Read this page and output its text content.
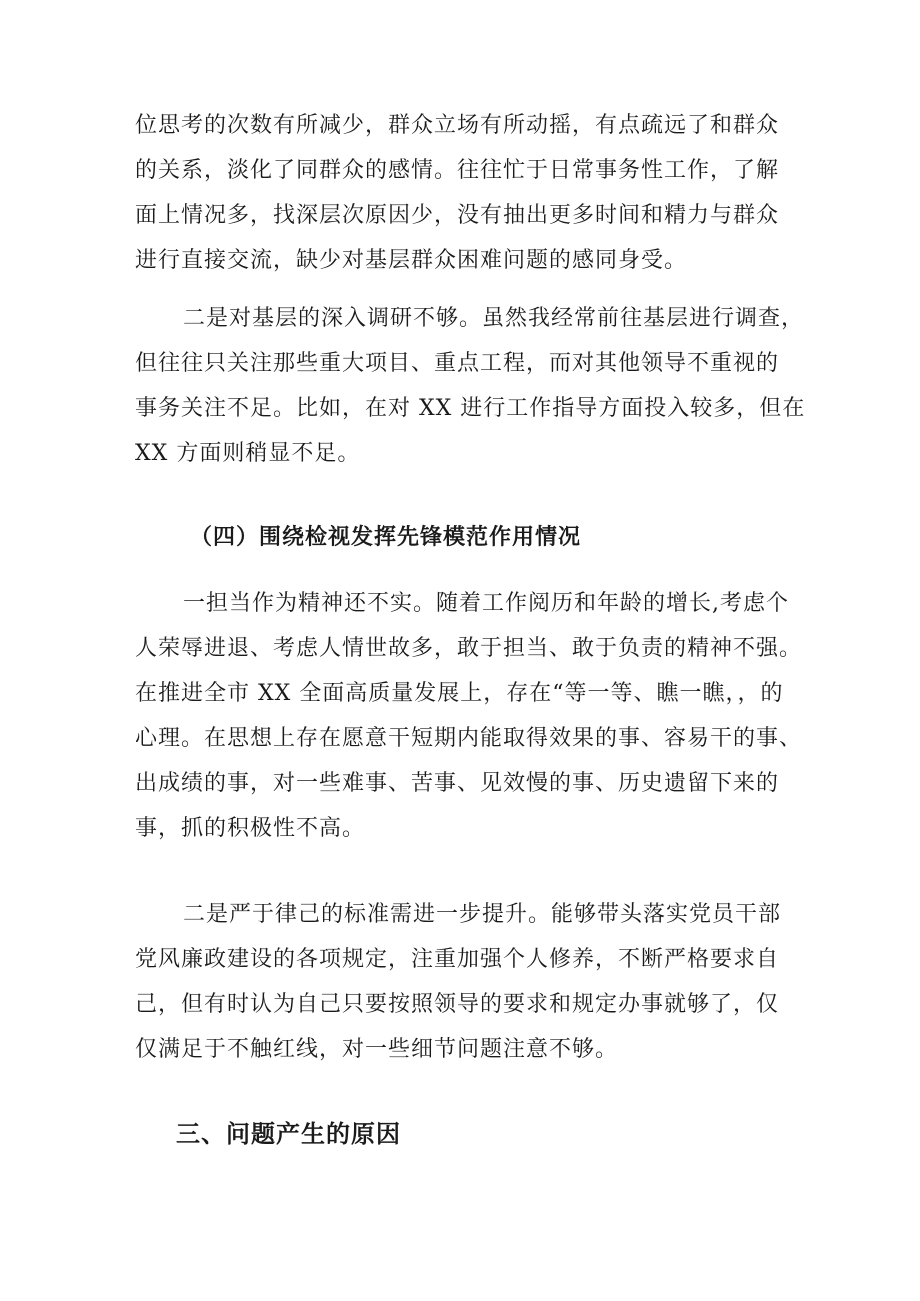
位思考的次数有所减少，群众立场有所动摇，有点疏远了和群众
的关系，淡化了同群众的感情。往往忙于日常事务性工作，了解
面上情况多，找深层次原因少，没有抽出更多时间和精力与群众
进行直接交流，缺少对基层群众困难问题的感同身受。
二是对基层的深入调研不够。虽然我经常前往基层进行调查，
但往往只关注那些重大项目、重点工程，而对其他领导不重视的
事务关注不足。比如，在对 XX 进行工作指导方面投入较多，但在
XX 方面则稍显不足。
（四）围绕检视发挥先锋模范作用情况
一担当作为精神还不实。随着工作阅历和年龄的增长,考虑个
人荣辱进退、考虑人情世故多，敢于担当、敢于负责的精神不强。
在推进全市 XX 全面高质量发展上，存在“等一等、瞧一瞧，，的
心理。在思想上存在愿意干短期内能取得效果的事、容易干的事、
出成绩的事，对一些难事、苦事、见效慢的事、历史遗留下来的
事，抓的积极性不高。
二是严于律己的标准需进一步提升。能够带头落实党员干部
党风廉政建设的各项规定，注重加强个人修养，不断严格要求自
己，但有时认为自己只要按照领导的要求和规定办事就够了，仅
仅满足于不触红线，对一些细节问题注意不够。
三、问题产生的原因
